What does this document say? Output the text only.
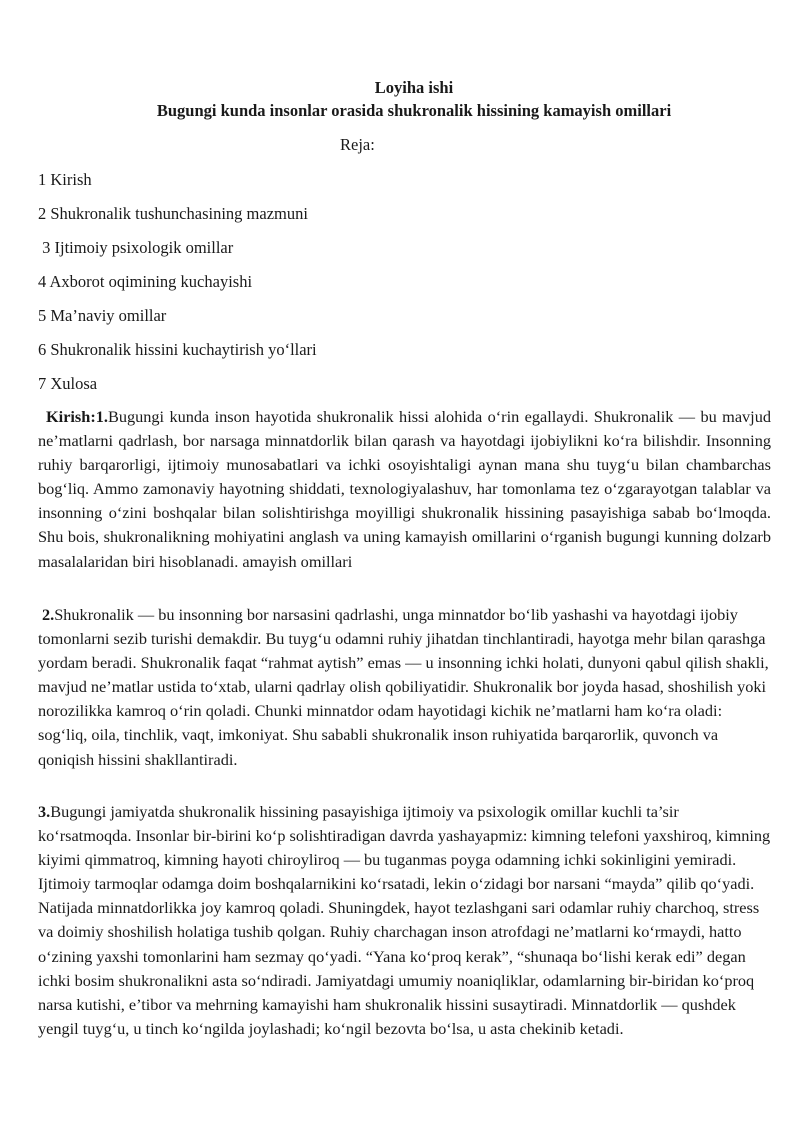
Loyiha ishi
Bugungi kunda insonlar orasida shukronalik hissining kamayish omillari
Reja:
1 Kirish
2 Shukronalik tushunchasining mazmuni
3 Ijtimoiy psixologik omillar
4 Axborot oqimining kuchayishi
5 Ma’naviy omillar
6 Shukronalik hissini kuchaytirish yo‘llari
7 Xulosa
Kirish:1.Bugungi kunda inson hayotida shukronalik hissi alohida o‘rin egallaydi. Shukronalik — bu mavjud ne’matlarni qadrlash, bor narsaga minnatdorlik bilan qarash va hayotdagi ijobiylikni ko‘ra bilishdir. Insonning ruhiy barqarorligi, ijtimoiy munosabatlari va ichki osoyishtaligi aynan mana shu tuyg‘u bilan chambarchas bog‘liq. Ammo zamonaviy hayotning shiddati, texnologiyalashuv, har tomonlama tez o‘zgarayotgan talablar va insonning o‘zini boshqalar bilan solishtirishga moyilligi shukronalik hissining pasayishiga sabab bo‘lmoqda. Shu bois, shukronalikning mohiyatini anglash va uning kamayish omillarini o‘rganish bugungi kunning dolzarb masalalaridan biri hisoblanadi. amayish omillari
2.Shukronalik — bu insonning bor narsasini qadrlashi, unga minnatdor bo‘lib yashashi va hayotdagi ijobiy tomonlarni sezib turishi demakdir. Bu tuyg‘u odamni ruhiy jihatdan tinchlantiradi, hayotga mehr bilan qarashga yordam beradi. Shukronalik faqat “rahmat aytish” emas — u insonning ichki holati, dunyoni qabul qilish shakli, mavjud ne’matlar ustida to‘xtab, ularni qadrlay olish qobiliyatidir. Shukronalik bor joyda hasad, shoshilish yoki norozilikka kamroq o‘rin qoladi. Chunki minnatdor odam hayotidagi kichik ne’matlarni ham ko‘ra oladi: sog‘liq, oila, tinchlik, vaqt, imkoniyat. Shu sababli shukronalik inson ruhiyatida barqarorlik, quvonch va qoniqish hissini shakllantiradi.
3.Bugungi jamiyatda shukronalik hissining pasayishiga ijtimoiy va psixologik omillar kuchli ta’sir ko‘rsatmoqda. Insonlar bir-birini ko‘p solishtiradigan davrda yashayapmiz: kimning telefoni yaxshiroq, kimning kiyimi qimmatroq, kimning hayoti chiroyliroq — bu tuganmas poyga odamning ichki sokinligini yemiradi. Ijtimoiy tarmoqlar odamga doim boshqalarnikini ko‘rsatadi, lekin o‘zidagi bor narsani “mayda” qilib qo‘yadi. Natijada minnatdorlikka joy kamroq qoladi. Shuningdek, hayot tezlashgani sari odamlar ruhiy charchoq, stress va doimiy shoshilish holatiga tushib qolgan. Ruhiy charchagan inson atrofdagi ne’matlarni ko‘rmaydi, hatto o‘zining yaxshi tomonlarini ham sezmay qo‘yadi. “Yana ko‘proq kerak”, “shunaqa bo‘lishi kerak edi” degan ichki bosim shukronalikni asta so‘ndiradi. Jamiyatdagi umumiy noaniqliklar, odamlarning bir-biridan ko‘proq narsa kutishi, e’tibor va mehrning kamayishi ham shukronalik hissini susaytiradi. Minnatdorlik — qushdek yengil tuyg‘u, u tinch ko‘ngilda joylashadi; ko‘ngil bezovta bo‘lsa, u asta chekinib ketadi.
